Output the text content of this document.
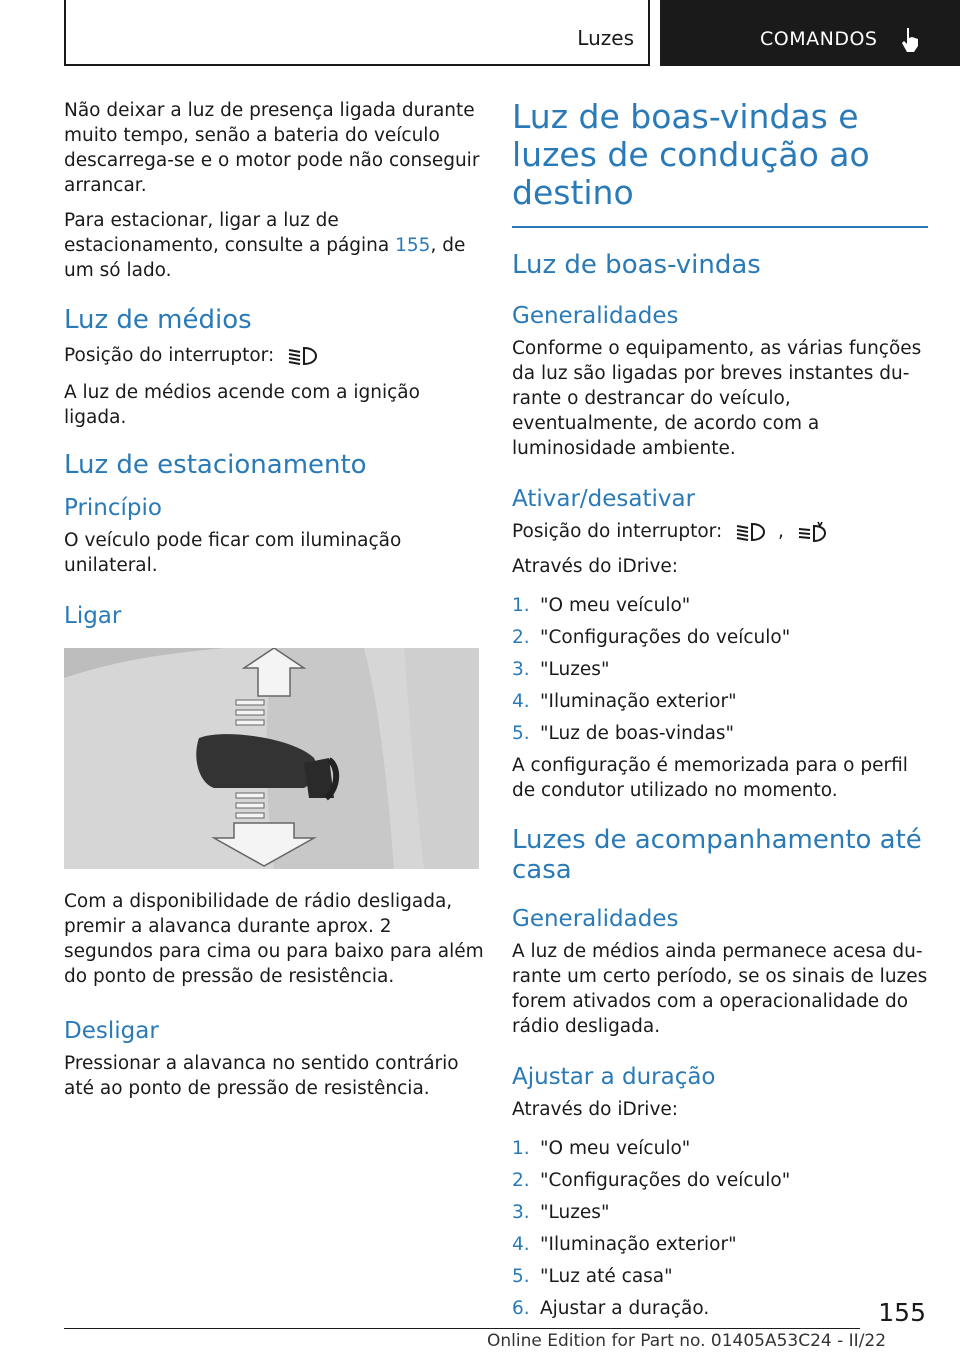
Luzes	COMANDOS

Não deixar a luz de presença ligada durante muito tempo, senão a bateria do veículo descarrega-se e o motor pode não conseguir arrancar.

Para estacionar, ligar a luz de estacionamento, consulte a página 155, de um só lado.

Luz de médios

Posição do interruptor:

A luz de médios acende com a ignição ligada.

Luz de estacionamento
Princípio

O veículo pode ficar com iluminação unilateral.

Ligar

Com a disponibilidade de rádio desligada, premir a alavanca durante aprox. 2 segundos para cima ou para baixo para além do ponto de pressão de resistência.

Desligar

Pressionar a alavanca no sentido contrário até ao ponto de pressão de resistência.

Luz de boas-vindas e luzes de condução ao destino
Luz de boas-vindas
Generalidades

Conforme o equipamento, as várias funções da luz são ligadas por breves instantes durante o destrancar do veículo, eventualmente, de acordo com a luminosidade ambiente.

Ativar/desativar

Posição do interruptor:	,

Através do iDrive:

1. "O meu veículo"
2. "Configurações do veículo"
3. "Luzes"
4. "Iluminação exterior"
5. "Luz de boas-vindas"

A configuração é memorizada para o perfil de condutor utilizado no momento.

Luzes de acompanhamento até casa
Generalidades

A luz de médios ainda permanece acesa durante um certo período, se os sinais de luzes forem ativados com a operacionalidade do rádio desligada.

Ajustar a duração

Através do iDrive:

1. "O meu veículo"
2. "Configurações do veículo"
3. "Luzes"
4. "Iluminação exterior"
5. "Luz até casa"
6. Ajustar a duração.	155
Online Edition for Part no. 01405A53C24 - II/22
